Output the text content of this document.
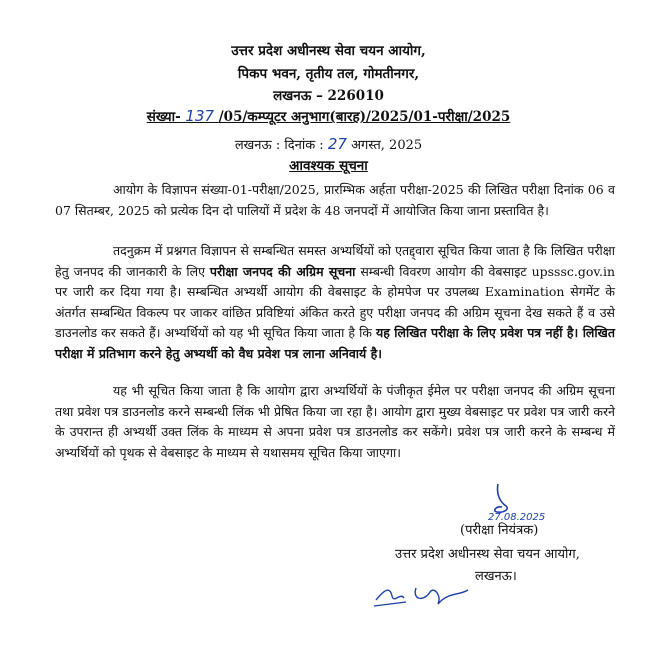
उत्तर प्रदेश अधीनस्थ सेवा चयन आयोग,
पिकप भवन, तृतीय तल, गोमतीनगर,
लखनऊ – 226010
संख्या- 137 /05/कम्प्यूटर अनुभाग(बारह)/2025/01-परीक्षा/2025
लखनऊ : दिनांक : 27 अगस्त, 2025
आवश्यक सूचना
आयोग के विज्ञापन संख्या-01-परीक्षा/2025, प्रारम्भिक अर्हता परीक्षा-2025 की लिखित परीक्षा दिनांक 06 व 07 सितम्बर, 2025 को प्रत्येक दिन दो पालियों में प्रदेश के 48 जनपदों में आयोजित किया जाना प्रस्तावित है।
तदनुक्रम में प्रश्नगत विज्ञापन से सम्बन्धित समस्त अभ्यर्थियों को एतद्द्वारा सूचित किया जाता है कि लिखित परीक्षा हेतु जनपद की जानकारी के लिए परीक्षा जनपद की अग्रिम सूचना सम्बन्धी विवरण आयोग की वेबसाइट upsssc.gov.in पर जारी कर दिया गया है। सम्बन्धित अभ्यर्थी आयोग की वेबसाइट के होमपेज पर उपलब्ध Examination सेगमेंट के अंतर्गत सम्बन्धित विकल्प पर जाकर वांछित प्रविष्टियां अंकित करते हुए परीक्षा जनपद की अग्रिम सूचना देख सकते हैं व उसे डाउनलोड कर सकते हैं। अभ्यर्थियों को यह भी सूचित किया जाता है कि यह लिखित परीक्षा के लिए प्रवेश पत्र नहीं है। लिखित परीक्षा में प्रतिभाग करने हेतु अभ्यर्थी को वैध प्रवेश पत्र लाना अनिवार्य है।
यह भी सूचित किया जाता है कि आयोग द्वारा अभ्यर्थियों के पंजीकृत ईमेल पर परीक्षा जनपद की अग्रिम सूचना तथा प्रवेश पत्र डाउनलोड करने सम्बन्धी लिंक भी प्रेषित किया जा रहा है। आयोग द्वारा मुख्य वेबसाइट पर प्रवेश पत्र जारी करने के उपरान्त ही अभ्यर्थी उक्त लिंक के माध्यम से अपना प्रवेश पत्र डाउनलोड कर सकेंगे। प्रवेश पत्र जारी करने के सम्बन्ध में अभ्यर्थियों को पृथक से वेबसाइट के माध्यम से यथासमय सूचित किया जाएगा।
27.08.2025
(परीक्षा नियंत्रक)
उत्तर प्रदेश अधीनस्थ सेवा चयन आयोग,
लखनऊ।
